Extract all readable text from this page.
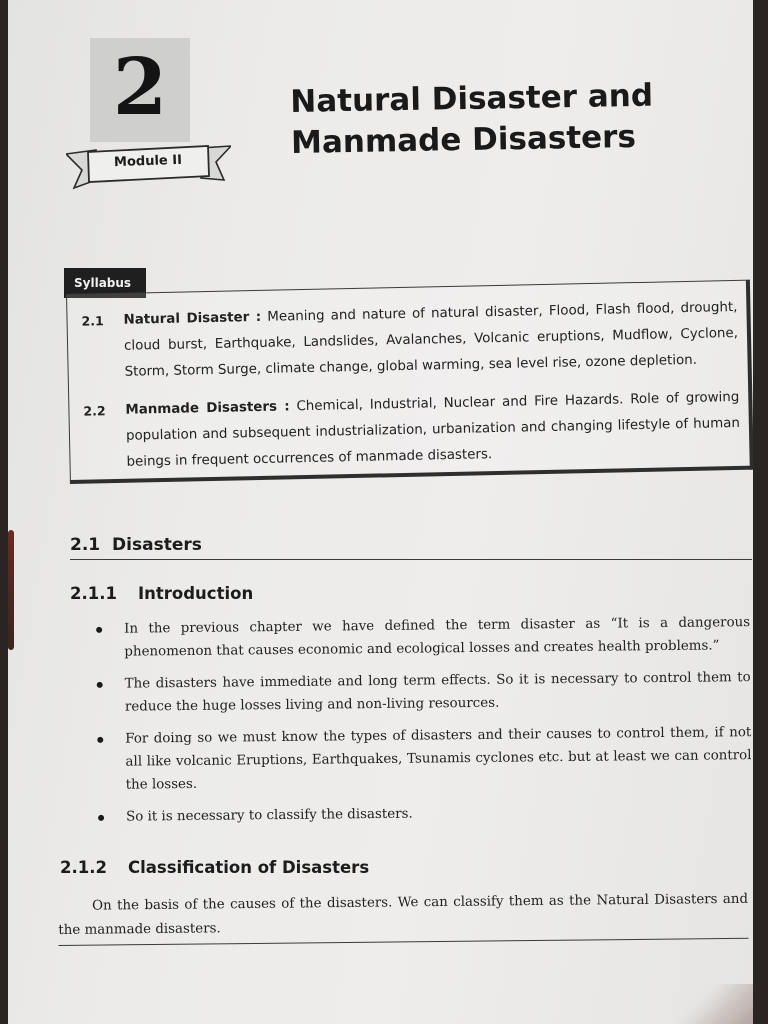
2
Module II
Natural Disaster and
Manmade Disasters
Syllabus
2.1 Natural Disaster : Meaning and nature of natural disaster, Flood, Flash flood, drought, cloud burst, Earthquake, Landslides, Avalanches, Volcanic eruptions, Mudflow, Cyclone, Storm, Storm Surge, climate change, global warming, sea level rise, ozone depletion.
2.2 Manmade Disasters : Chemical, Industrial, Nuclear and Fire Hazards. Role of growing population and subsequent industrialization, urbanization and changing lifestyle of human beings in frequent occurrences of manmade disasters.
2.1 Disasters
2.1.1 Introduction
In the previous chapter we have defined the term disaster as “It is a dangerous phenomenon that causes economic and ecological losses and creates health problems.”
The disasters have immediate and long term effects. So it is necessary to control them to reduce the huge losses living and non-living resources.
For doing so we must know the types of disasters and their causes to control them, if not all like volcanic Eruptions, Earthquakes, Tsunamis cyclones etc. but at least we can control the losses.
So it is necessary to classify the disasters.
2.1.2 Classification of Disasters
On the basis of the causes of the disasters. We can classify them as the Natural Disasters and the manmade disasters.
